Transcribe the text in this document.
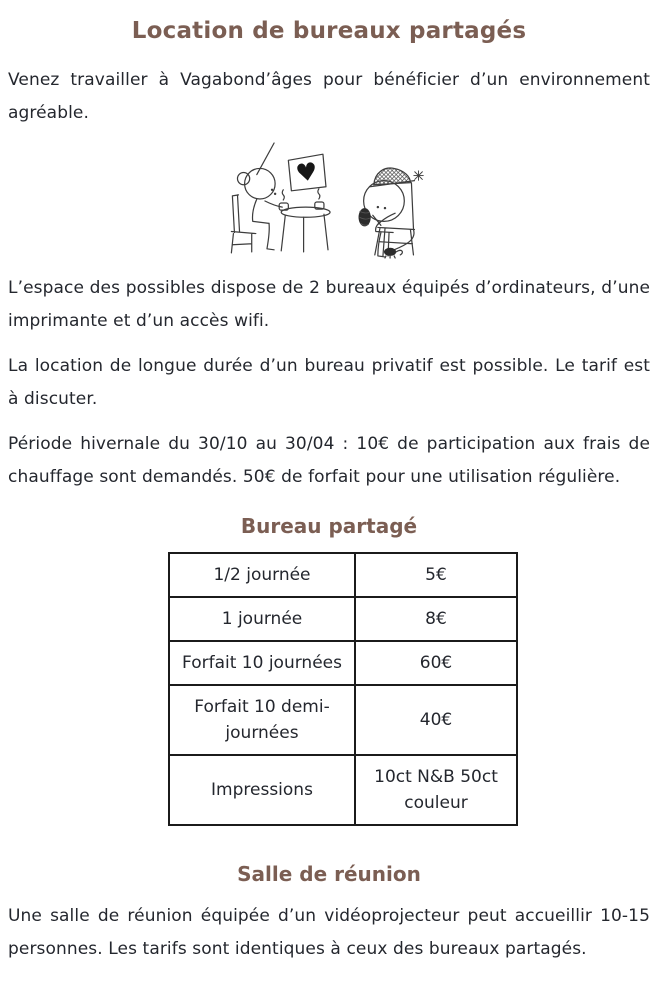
Location de bureaux partagés

Venez travailler à Vagabond’âges pour bénéficier d’un environnement agréable.

♥

L’espace des possibles dispose de 2 bureaux équipés d’ordinateurs, d’une imprimante et d’un accès wifi.

La location de longue durée d’un bureau privatif est possible. Le tarif est à discuter.

Période hivernale du 30/10 au 30/04 : 10€ de participation aux frais de chauffage sont demandés. 50€ de forfait pour une utilisation régulière.

Bureau partagé
1/2 journée	5€
1 journée	8€
Forfait 10 journées	60€
Forfait 10 demi-journées	40€
Impressions	10ct N&B 50ct couleur
Salle de réunion

Une salle de réunion équipée d’un vidéoprojecteur peut accueillir 10-15 personnes. Les tarifs sont identiques à ceux des bureaux partagés.
